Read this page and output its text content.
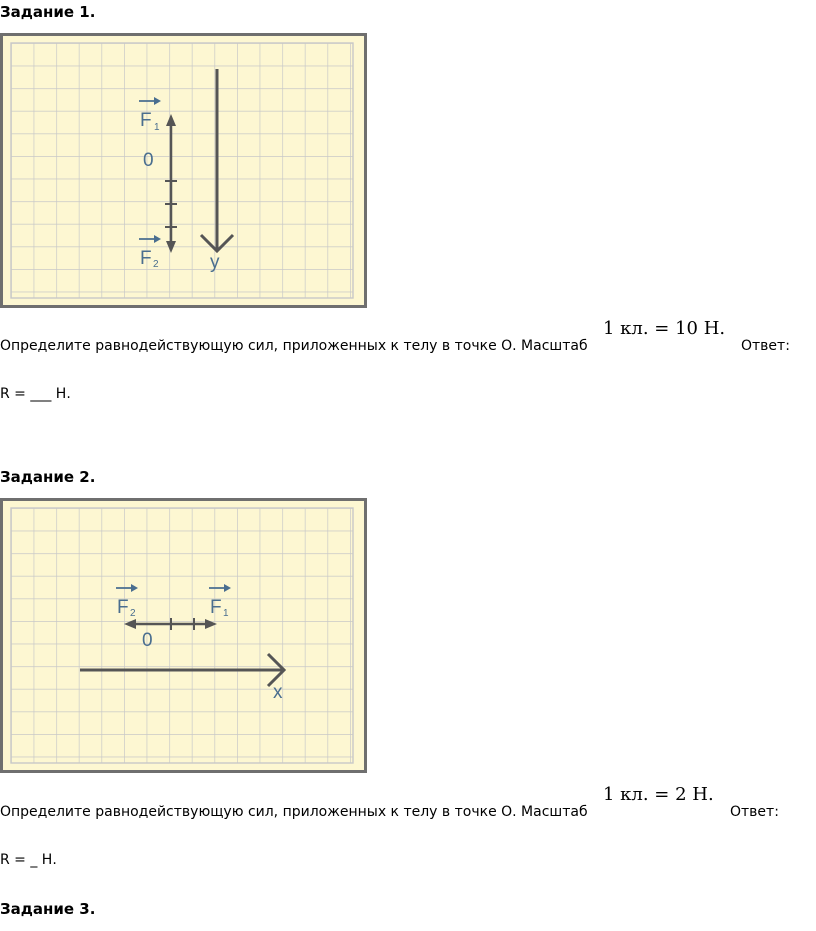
Задание 1.
y
F 1
0
F 2

Определите равнодействующую сил, приложенных к телу в точке О. Масштаб

1 кл. = 10 Н.
Ответ:

R = ___ Н.

Задание 2.
x
F 2	F 1
0

Определите равнодействующую сил, приложенных к телу в точке О. Масштаб

1 кл. = 2 Н.
Ответ:

R = _ Н.

Задание 3.
